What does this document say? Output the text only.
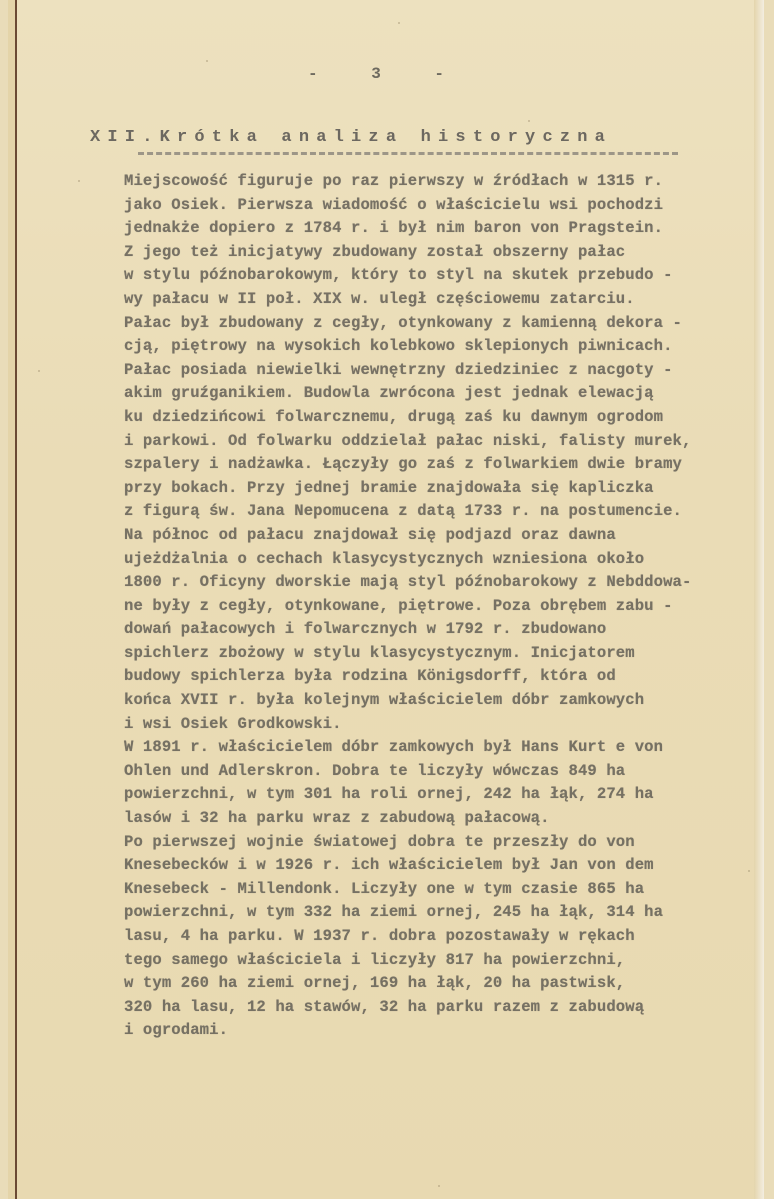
- 3 -
XII.Krótka analiza historyczna
Miejscowość figuruje po raz pierwszy w źródłach w 1315 r.
jako Osiek. Pierwsza wiadomość o właścicielu wsi pochodzi
jednakże dopiero z 1784 r. i był nim baron von Pragstein.
Z jego też inicjatywy zbudowany został obszerny pałac
w stylu późnobarokowym, który to styl na skutek przebudo -
wy pałacu w II poł. XIX w. uległ częściowemu zatarciu.
Pałac był zbudowany z cegły, otynkowany z kamienną dekora -
cją, piętrowy na wysokich kolebkowo sklepionych piwnicach.
Pałac posiada niewielki wewnętrzny dziedziniec z nacgoty -
akim gruźganikiem. Budowla zwrócona jest jednak elewacją
ku dziedzińcowi folwarcznemu, drugą zaś ku dawnym ogrodom
i parkowi. Od folwarku oddzielał pałac niski, falisty murek,
szpalery i nadżawka. Łączyły go zaś z folwarkiem dwie bramy
przy bokach. Przy jednej bramie znajdowała się kapliczka
z figurą św. Jana Nepomucena z datą 1733 r. na postumencie.
Na północ od pałacu znajdował się podjazd oraz dawna
ujeżdżalnia o cechach klasycystycznych wzniesiona około
1800 r. Oficyny dworskie mają styl późnobarokowy z Nebddowa-
ne były z cegły, otynkowane, piętrowe. Poza obrębem zabu -
dowań pałacowych i folwarcznych w 1792 r. zbudowano
spichlerz zbożowy w stylu klasycystycznym. Inicjatorem
budowy spichlerza była rodzina Königsdorff, która od
końca XVII r. była kolejnym właścicielem dóbr zamkowych
i wsi Osiek Grodkowski.
W 1891 r. właścicielem dóbr zamkowych był Hans Kurt e von
Ohlen und Adlerskron. Dobra te liczyły wówczas 849 ha
powierzchni, w tym 301 ha roli ornej, 242 ha łąk, 274 ha
lasów i 32 ha parku wraz z zabudową pałacową.
Po pierwszej wojnie światowej dobra te przeszły do von
Knesebecków i w 1926 r. ich właścicielem był Jan von dem
Knesebeck - Millendonk. Liczyły one w tym czasie 865 ha
powierzchni, w tym 332 ha ziemi ornej, 245 ha łąk, 314 ha
lasu, 4 ha parku. W 1937 r. dobra pozostawały w rękach
tego samego właściciela i liczyły 817 ha powierzchni,
w tym 260 ha ziemi ornej, 169 ha łąk, 20 ha pastwisk,
320 ha lasu, 12 ha stawów, 32 ha parku razem z zabudową
i ogrodami.
